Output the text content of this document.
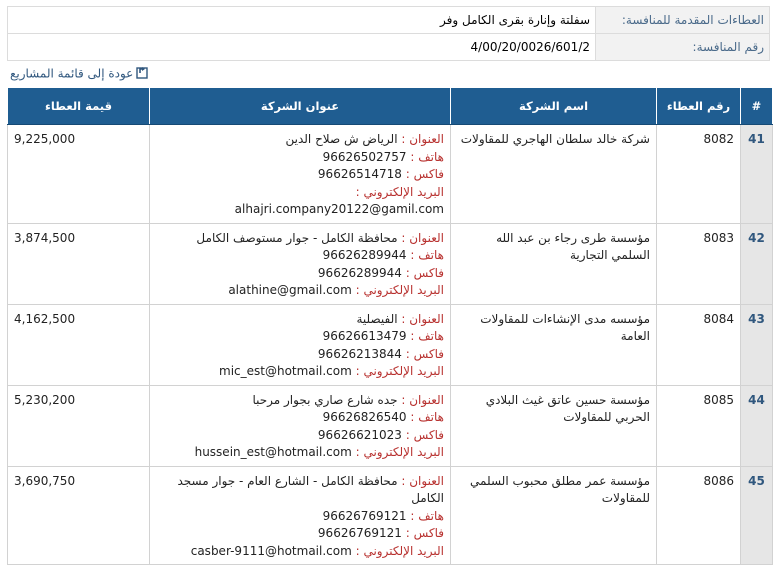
العطاءات المقدمة للمنافسة:	سفلتة وإنارة بقرى الكامل وفر
رقم المنافسة:	4/00/20/0026/601/2
عودة إلى قائمة المشاريع
#	رقم العطاء	اسم الشركة	عنوان الشركة	قيمة العطاء
41	8082	شركة خالد سلطان الهاجري للمقاولات	العنوان : الرياض ش صلاح الدين
هاتف : 96626502757
فاكس : 96626514718
البريد الإلكتروني : alhajri.company20122@gamil.com	9,225,000
42	8083	مؤسسة طرى رجاء بن عبد الله السلمي التجارية	العنوان : محافظة الكامل - جوار مستوصف الكامل
هاتف : 96626289944
فاكس : 96626289944
البريد الإلكتروني : alathine@gmail.com	3,874,500
43	8084	مؤسسه مدى الإنشاءات للمقاولات العامة	العنوان : الفيصلية
هاتف : 96626613479
فاكس : 96626213844
البريد الإلكتروني : mic_est@hotmail.com	4,162,500
44	8085	مؤسسة حسين عاتق غيث البلادي الحربي للمقاولات	العنوان : جده شارع صاري بجوار مرحبا
هاتف : 96626826540
فاكس : 96626621023
البريد الإلكتروني : hussein_est@hotmail.com	5,230,200
45	8086	مؤسسة عمر مطلق محبوب السلمي للمقاولات	العنوان : محافظة الكامل - الشارع العام - جوار مسجد الكامل
هاتف : 96626769121
فاكس : 96626769121
البريد الإلكتروني : casber-9111@hotmail.com	3,690,750
